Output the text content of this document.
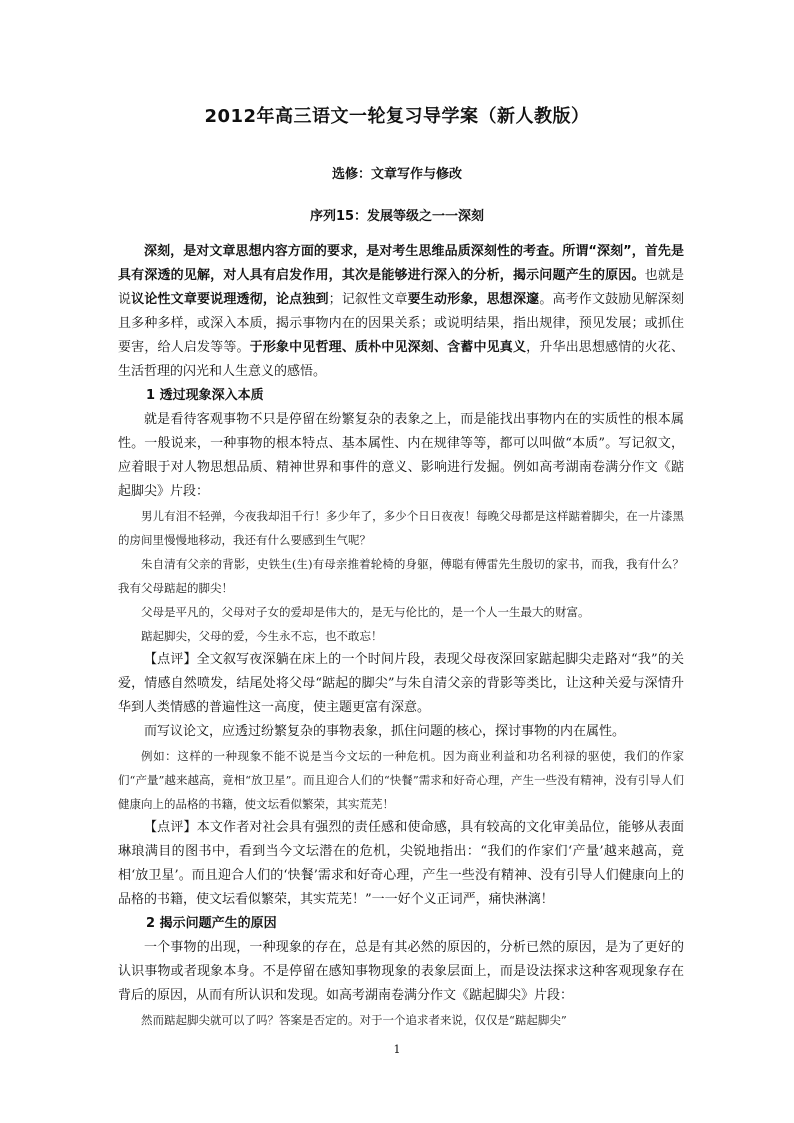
2012年高三语文一轮复习导学案（新人教版）
选修：文章写作与修改
序列15：发展等级之一一深刻

深刻，是对文章思想内容方面的要求，是对考生思维品质深刻性的考查。所谓“深刻”，首先是具有深透的见解，对人具有启发作用，其次是能够进行深入的分析，揭示问题产生的原因。也就是说议论性文章要说理透彻，论点独到；记叙性文章要生动形象，思想深邃。高考作文鼓励见解深刻且多种多样，或深入本质，揭示事物内在的因果关系；或说明结果，指出规律，预见发展；或抓住要害，给人启发等等。于形象中见哲理、质朴中见深刻、含蓄中见真义，升华出思想感情的火花、生活哲理的闪光和人生意义的感悟。

1 透过现象深入本质

就是看待客观事物不只是停留在纷繁复杂的表象之上，而是能找出事物内在的实质性的根本属性。一般说来，一种事物的根本特点、基本属性、内在规律等等，都可以叫做“本质”。写记叙文，应着眼于对人物思想品质、精神世界和事件的意义、影响进行发掘。例如高考湖南卷满分作文《踮起脚尖》片段：

男儿有泪不轻弹，今夜我却泪千行！多少年了，多少个日日夜夜！每晚父母都是这样踮着脚尖，在一片漆黑的房间里慢慢地移动，我还有什么要感到生气呢？

朱自清有父亲的背影，史铁生(生)有母亲推着轮椅的身躯，傅聪有傅雷先生殷切的家书，而我，我有什么？我有父母踮起的脚尖！

父母是平凡的，父母对子女的爱却是伟大的，是无与伦比的，是一个人一生最大的财富。

踮起脚尖，父母的爱，今生永不忘，也不敢忘！

【点评】全文叙写夜深躺在床上的一个时间片段，表现父母夜深回家踮起脚尖走路对“我”的关爱，情感自然喷发，结尾处将父母“踮起的脚尖”与朱自清父亲的背影等类比，让这种关爱与深情升华到人类情感的普遍性这一高度，使主题更富有深意。

而写议论文，应透过纷繁复杂的事物表象，抓住问题的核心，探讨事物的内在属性。

例如：这样的一种现象不能不说是当今文坛的一种危机。因为商业利益和功名利禄的驱使，我们的作家们“产量”越来越高，竟相“放卫星”。而且迎合人们的“快餐”需求和好奇心理，产生一些没有精神，没有引导人们健康向上的品格的书籍，使文坛看似繁荣，其实荒芜！

【点评】本文作者对社会具有强烈的责任感和使命感，具有较高的文化审美品位，能够从表面琳琅满目的图书中，看到当今文坛潜在的危机，尖锐地指出：“我们的作家们‘产量’越来越高，竟相‘放卫星’。而且迎合人们的‘快餐’需求和好奇心理，产生一些没有精神、没有引导人们健康向上的品格的书籍，使文坛看似繁荣，其实荒芜！”一一好个义正词严，痛快淋漓！

2 揭示问题产生的原因

一个事物的出现，一种现象的存在，总是有其必然的原因的，分析已然的原因，是为了更好的认识事物或者现象本身。不是停留在感知事物现象的表象层面上，而是设法探求这种客观现象存在背后的原因，从而有所认识和发现。如高考湖南卷满分作文《踮起脚尖》片段：

然而踮起脚尖就可以了吗？答案是否定的。对于一个追求者来说，仅仅是“踮起脚尖”

1
